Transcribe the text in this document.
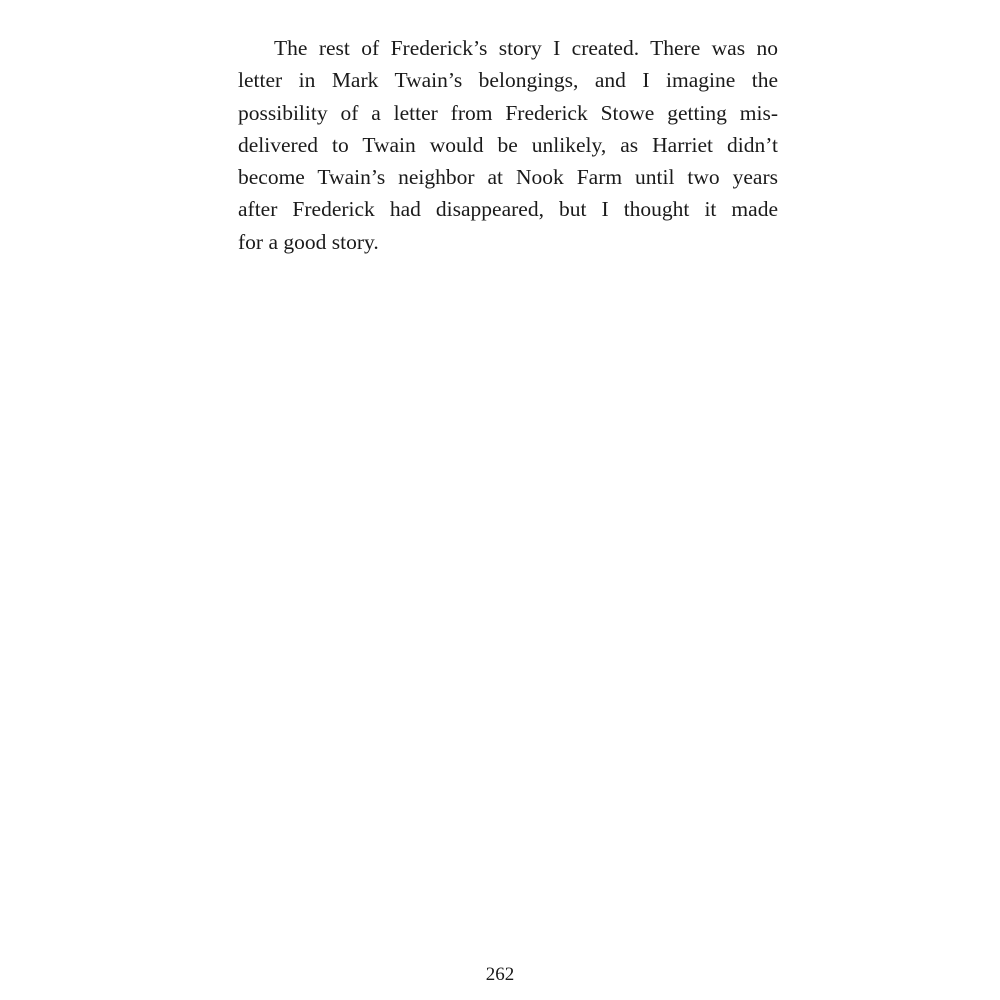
The rest of Frederick’s story I created. There was no
letter in Mark Twain’s belongings, and I imagine the
possibility of a letter from Frederick Stowe getting mis-
delivered to Twain would be unlikely, as Harriet didn’t
become Twain’s neighbor at Nook Farm until two years
after Frederick had disappeared, but I thought it made
for a good story.
262
